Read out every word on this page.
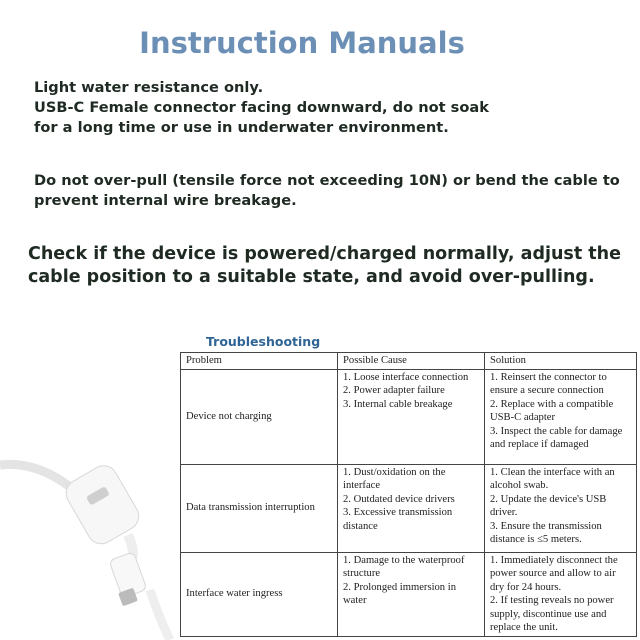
Instruction Manuals
Light water resistance only.
USB-C Female connector facing downward, do not soak
for a long time or use in underwater environment.
Do not over-pull (tensile force not exceeding 10N) or bend the cable to
prevent internal wire breakage.
Check if the device is powered/charged normally, adjust the
cable position to a suitable state, and avoid over-pulling.
Troubleshooting
Problem	Possible Cause	Solution
Device not charging	1. Loose interface connection
2. Power adapter failure
3. Internal cable breakage	1. Reinsert the connector to ensure a secure connection
2. Replace with a compatible USB-C adapter
3. Inspect the cable for damage and replace if damaged

Data transmission interruption	1. Dust/oxidation on the interface
2. Outdated device drivers
3. Excessive transmission distance	1. Clean the interface with an alcohol swab.
2. Update the device's USB driver.
3. Ensure the transmission distance is ≤5 meters.

Interface water ingress	1. Damage to the waterproof structure
2. Prolonged immersion in water	1. Immediately disconnect the power source and allow to air dry for 24 hours.
2. If testing reveals no power supply, discontinue use and replace the unit.
